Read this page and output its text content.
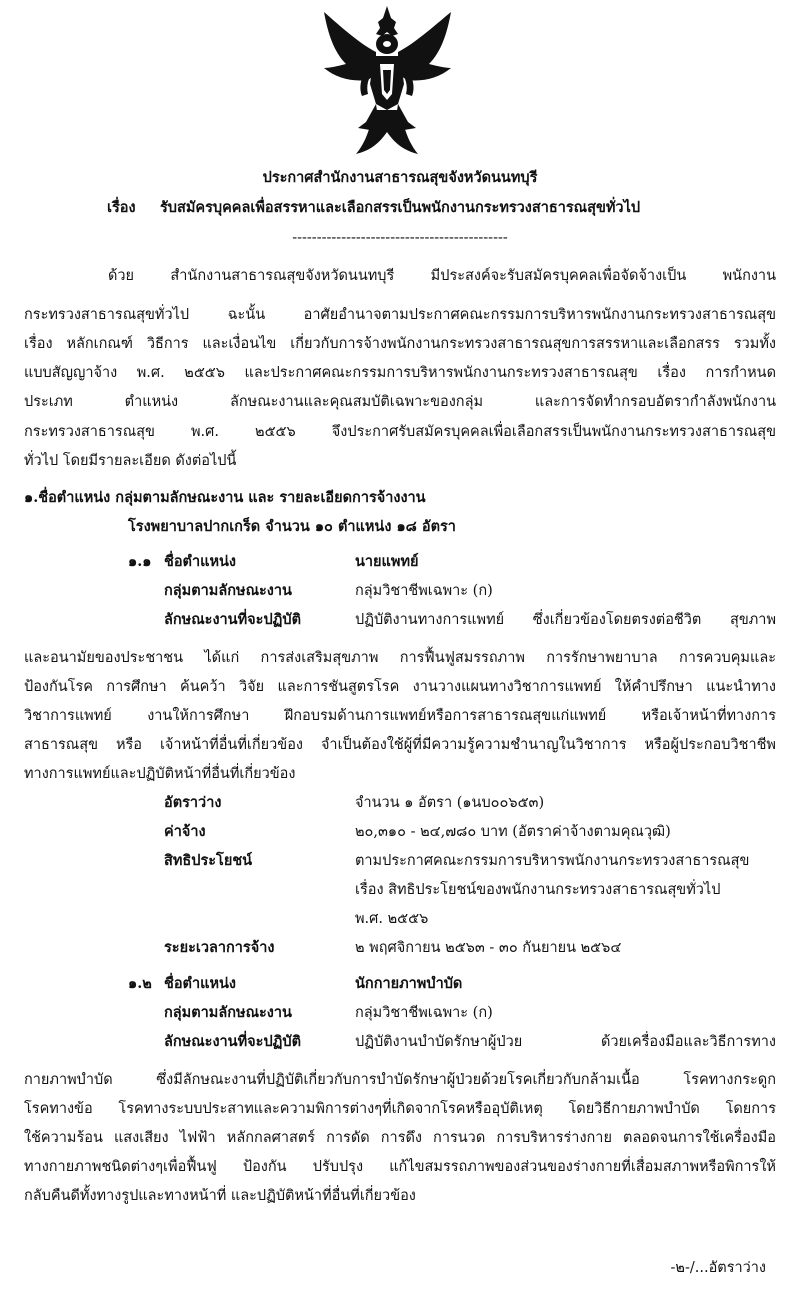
ประกาศสำนักงานสาธารณสุขจังหวัดนนทบุรี
เรื่อง รับสมัครบุคคลเพื่อสรรหาและเลือกสรรเป็นพนักงานกระทรวงสาธารณสุขทั่วไป
--------------------------------------------
ด้วย สำนักงานสาธารณสุขจังหวัดนนทบุรี มีประสงค์จะรับสมัครบุคคลเพื่อจัดจ้างเป็น พนักงาน
กระทรวงสาธารณสุขทั่วไป ฉะนั้น อาศัยอำนาจตามประกาศคณะกรรมการบริหารพนักงานกระทรวงสาธารณสุข
เรื่อง หลักเกณฑ์ วิธีการ และเงื่อนไข เกี่ยวกับการจ้างพนักงานกระทรวงสาธารณสุขการสรรหาและเลือกสรร รวมทั้ง
แบบสัญญาจ้าง พ.ศ. ๒๕๕๖ และประกาศคณะกรรมการบริหารพนักงานกระทรวงสาธารณสุข เรื่อง การกำหนด
ประเภท ตำแหน่ง ลักษณะงานและคุณสมบัติเฉพาะของกลุ่ม และการจัดทำกรอบอัตรากำลังพนักงาน
กระทรวงสาธารณสุข พ.ศ. ๒๕๕๖ จึงประกาศรับสมัครบุคคลเพื่อเลือกสรรเป็นพนักงานกระทรวงสาธารณสุข
ทั่วไป โดยมีรายละเอียด ดังต่อไปนี้
๑.ชื่อตำแหน่ง กลุ่มตามลักษณะงาน และ รายละเอียดการจ้างงาน
โรงพยาบาลปากเกร็ด จำนวน ๑๐ ตำแหน่ง ๑๘ อัตรา
๑.๑ ชื่อตำแหน่ง	นายแพทย์
กลุ่มตามลักษณะงาน	กลุ่มวิชาชีพเฉพาะ (ก)
ลักษณะงานที่จะปฏิบัติ	ปฏิบัติงานทางการแพทย์ ซึ่งเกี่ยวข้องโดยตรงต่อชีวิต สุขภาพ
และอนามัยของประชาชน ได้แก่ การส่งเสริมสุขภาพ การฟื้นฟูสมรรถภาพ การรักษาพยาบาล การควบคุมและ
ป้องกันโรค การศึกษา ค้นคว้า วิจัย และการชันสูตรโรค งานวางแผนทางวิชาการแพทย์ ให้คำปรึกษา แนะนำทาง
วิชาการแพทย์ งานให้การศึกษา ฝึกอบรมด้านการแพทย์หรือการสาธารณสุขแก่แพทย์ หรือเจ้าหน้าที่ทางการ
สาธารณสุข หรือ เจ้าหน้าที่อื่นที่เกี่ยวข้อง จำเป็นต้องใช้ผู้ที่มีความรู้ความชำนาญในวิชาการ หรือผู้ประกอบวิชาชีพ
ทางการแพทย์และปฏิบัติหน้าที่อื่นที่เกี่ยวข้อง
อัตราว่าง	จำนวน ๑ อัตรา (๑นบ๐๐๖๕๓)
ค่าจ้าง	๒๐,๓๑๐ - ๒๔,๗๘๐ บาท (อัตราค่าจ้างตามคุณวุฒิ)
สิทธิประโยชน์	ตามประกาศคณะกรรมการบริหารพนักงานกระทรวงสาธารณสุข
เรื่อง สิทธิประโยชน์ของพนักงานกระทรวงสาธารณสุขทั่วไป
พ.ศ. ๒๕๕๖
ระยะเวลาการจ้าง	๒ พฤศจิกายน ๒๕๖๓ - ๓๐ กันยายน ๒๕๖๔
๑.๒ ชื่อตำแหน่ง	นักกายภาพบำบัด
กลุ่มตามลักษณะงาน	กลุ่มวิชาชีพเฉพาะ (ก)
ลักษณะงานที่จะปฏิบัติ	ปฏิบัติงานบำบัดรักษาผู้ป่วย ด้วยเครื่องมือและวิธีการทาง
กายภาพบำบัด ซึ่งมีลักษณะงานที่ปฏิบัติเกี่ยวกับการบำบัดรักษาผู้ป่วยด้วยโรคเกี่ยวกับกล้ามเนื้อ โรคทางกระดูก
โรคทางข้อ โรคทางระบบประสาทและความพิการต่างๆที่เกิดจากโรคหรืออุบัติเหตุ โดยวิธีกายภาพบำบัด โดยการ
ใช้ความร้อน แสงเสียง ไฟฟ้า หลักกลศาสตร์ การดัด การดึง การนวด การบริหารร่างกาย ตลอดจนการใช้เครื่องมือ
ทางกายภาพชนิดต่างๆเพื่อฟื้นฟู ป้องกัน ปรับปรุง แก้ไขสมรรถภาพของส่วนของร่างกายที่เสื่อมสภาพหรือพิการให้
กลับคืนดีทั้งทางรูปและทางหน้าที่ และปฏิบัติหน้าที่อื่นที่เกี่ยวข้อง
-๒-/...อัตราว่าง
